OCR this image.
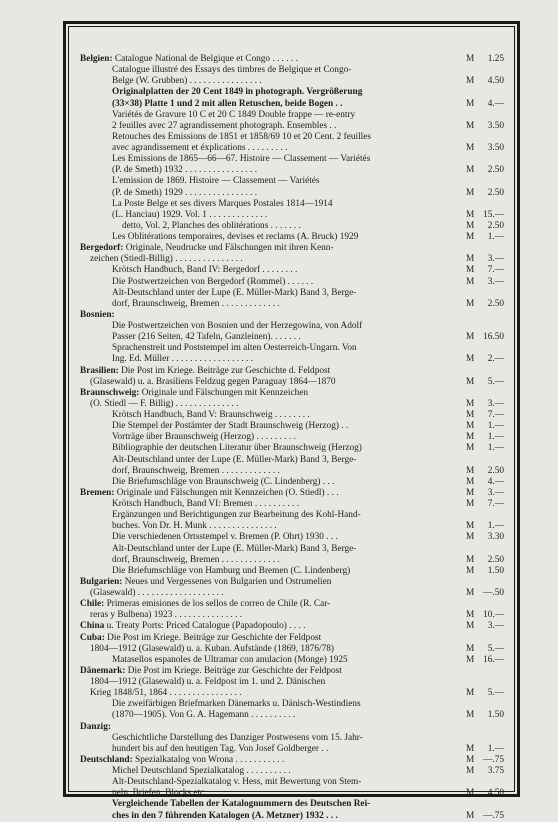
Belgien: Catalogue National de Belgique et Congo . . . . . .	M 1.25
Catalogue illustré des Essays des timbres de Belgique et Congo-
Belge (W. Grubben) . . . . . . . . . . . . . . . .	M 4.50
Originalplatten der 20 Cent 1849 in photograph. Vergrößerung
(33×38) Platte 1 und 2 mit allen Retuschen, beide Bogen . .	M 4.—
Variétés de Gravure 10 C et 20 C 1849 Double frappe — re-entry
2 feuilles avec 27 agrandissement photograph. Ensembles . .	M 3.50
Retouches des Emissions de 1851 et 1858/69 10 et 20 Cent. 2 feuilles
avec agrandissement et éxplications . . . . . . . . .	M 3.50
Les Emissions de 1865—66—67. Histoire — Classement — Variétés
(P. de Smeth) 1932 . . . . . . . . . . . . . . . .	M 2.50
L'emission de 1869. Histoire — Classement — Variétés
(P. de Smeth) 1929 . . . . . . . . . . . . . . . .	M 2.50
La Poste Belge et ses divers Marques Postales 1814—1914
(L. Hanciau) 1929. Vol. 1 . . . . . . . . . . . . .	M 15.—
detto, Vol. 2, Planches des oblitérations . . . . . . .	M 2.50
Les Oblitérations temporaires, devises et reclams (A. Bruck) 1929	M 1.—
Bergedorf: Originale, Neudrucke und Fälschungen mit ihren Kenn-
zeichen (Stiedl-Billig) . . . . . . . . . . . . . . .	M 3.—
Krötsch Handbuch, Band IV: Bergedorf . . . . . . . .	M 7.—
Die Postwertzeichen von Bergedorf (Rommel) . . . . . .	M 3.—
Alt-Deutschland unter der Lupe (E. Müller-Mark) Band 3, Berge-
dorf, Braunschweig, Bremen . . . . . . . . . . . . .	M 2.50
Bosnien:
Die Postwertzeichen von Bosnien und der Herzegowina, von Adolf
Passer (216 Seiten, 42 Tafeln, Ganzleinen). . . . . . .	M 16.50
Sprachenstreit und Poststempel im alten Oesterreich-Ungarn. Von
Ing. Ed. Müller . . . . . . . . . . . . . . . . . .	M 2.—
Brasilien: Die Post im Kriege. Beiträge zur Geschichte d. Feldpost
(Glasewald) u. a. Brasiliens Feldzug gegen Paraguay 1864—1870	M 5.—
Braunschweig: Originale und Fälschungen mit Kennzeichen
(O. Stiedl — F. Billig) . . . . . . . . . . . . . .	M 3.—
Krötsch Handbuch, Band V: Braunschweig . . . . . . . .	M 7.—
Die Stempel der Postämter der Stadt Braunschweig (Herzog) . .	M 1.—
Vorträge über Braunschweig (Herzog) . . . . . . . . .	M 1.—
Bibliographie der deutschen Literatur über Braunschweig (Herzog)	M 1.—
Alt-Deutschland unter der Lupe (E. Müller-Mark) Band 3, Berge-
dorf, Braunschweig, Bremen . . . . . . . . . . . . .	M 2.50
Die Briefumschläge von Braunschweig (C. Lindenberg) . . .	M 4.—
Bremen: Originale und Fälschungen mit Kennzeichen (O. Stiedl) . . .	M 3.—
Krötsch Handbuch, Band VI: Bremen . . . . . . . . . .	M 7.—
Ergänzungen und Berichtigungen zur Bearbeitung des Kohl-Hand-
buches. Von Dr. H. Munk . . . . . . . . . . . . . . .	M 1.—
Die verschiedenen Ortsstempel v. Bremen (P. Ohrt) 1930 . . .	M 3.30
Alt-Deutschland unter der Lupe (E. Müller-Mark) Band 3, Berge-
dorf, Braunschweig, Bremen . . . . . . . . . . . . .	M 2.50
Die Briefumschläge von Hamburg und Bremen (C. Lindenberg)	M 1.50
Bulgarien: Neues und Vergessenes von Bulgarien und Ostrumelien
(Glasewald) . . . . . . . . . . . . . . . . . . .	M —.50
Chile: Primeras emisiones de los sellos de correo de Chile (R. Car-
reras y Bulbena) 1923 . . . . . . . . . . . . . . .	M 10.—
China u. Treaty Ports: Priced Catalogue (Papadopoulo) . . . .	M 3.—
Cuba: Die Post im Kriege. Beiträge zur Geschichte der Feldpost
1804—1912 (Glasewald) u. a. Kuban. Aufstände (1869, 1876/78)	M 5.—
Matasellos espanoles de Ultramar con anulacion (Monge) 1925	M 16.—
Dänemark: Die Post im Kriege. Beiträge zur Geschichte der Feldpost
1804—1912 (Glasewald) u. a. Feldpost im 1. und 2. Dänischen
Krieg 1848/51, 1864 . . . . . . . . . . . . . . . .	M 5.—
Die zweifärbigen Briefmarken Dänemarks u. Dänisch-Westindiens
(1870—1905). Von G. A. Hagemann . . . . . . . . . .	M 1.50
Danzig:
Geschichtliche Darstellung des Danziger Postwesens vom 15. Jahr-
hundert bis auf den heutigen Tag. Von Josef Goldberger . .	M 1.—
Deutschland: Spezialkatalog von Wrona . . . . . . . . . . .	M —.75
Michel Deutschland Spezialkatalog . . . . . . . . . .	M 3.75
Alt-Deutschland-Spezialkatalog v. Hess, mit Bewertung von Stem-
peln, Briefen, Blocks etc. . . . . . . . . . . . . . .	M 4.50
Vergleichende Tabellen der Katalognummern des Deutschen Rei-
ches in den 7 führenden Katalogen (A. Metzner) 1932 . . .	M —.75
